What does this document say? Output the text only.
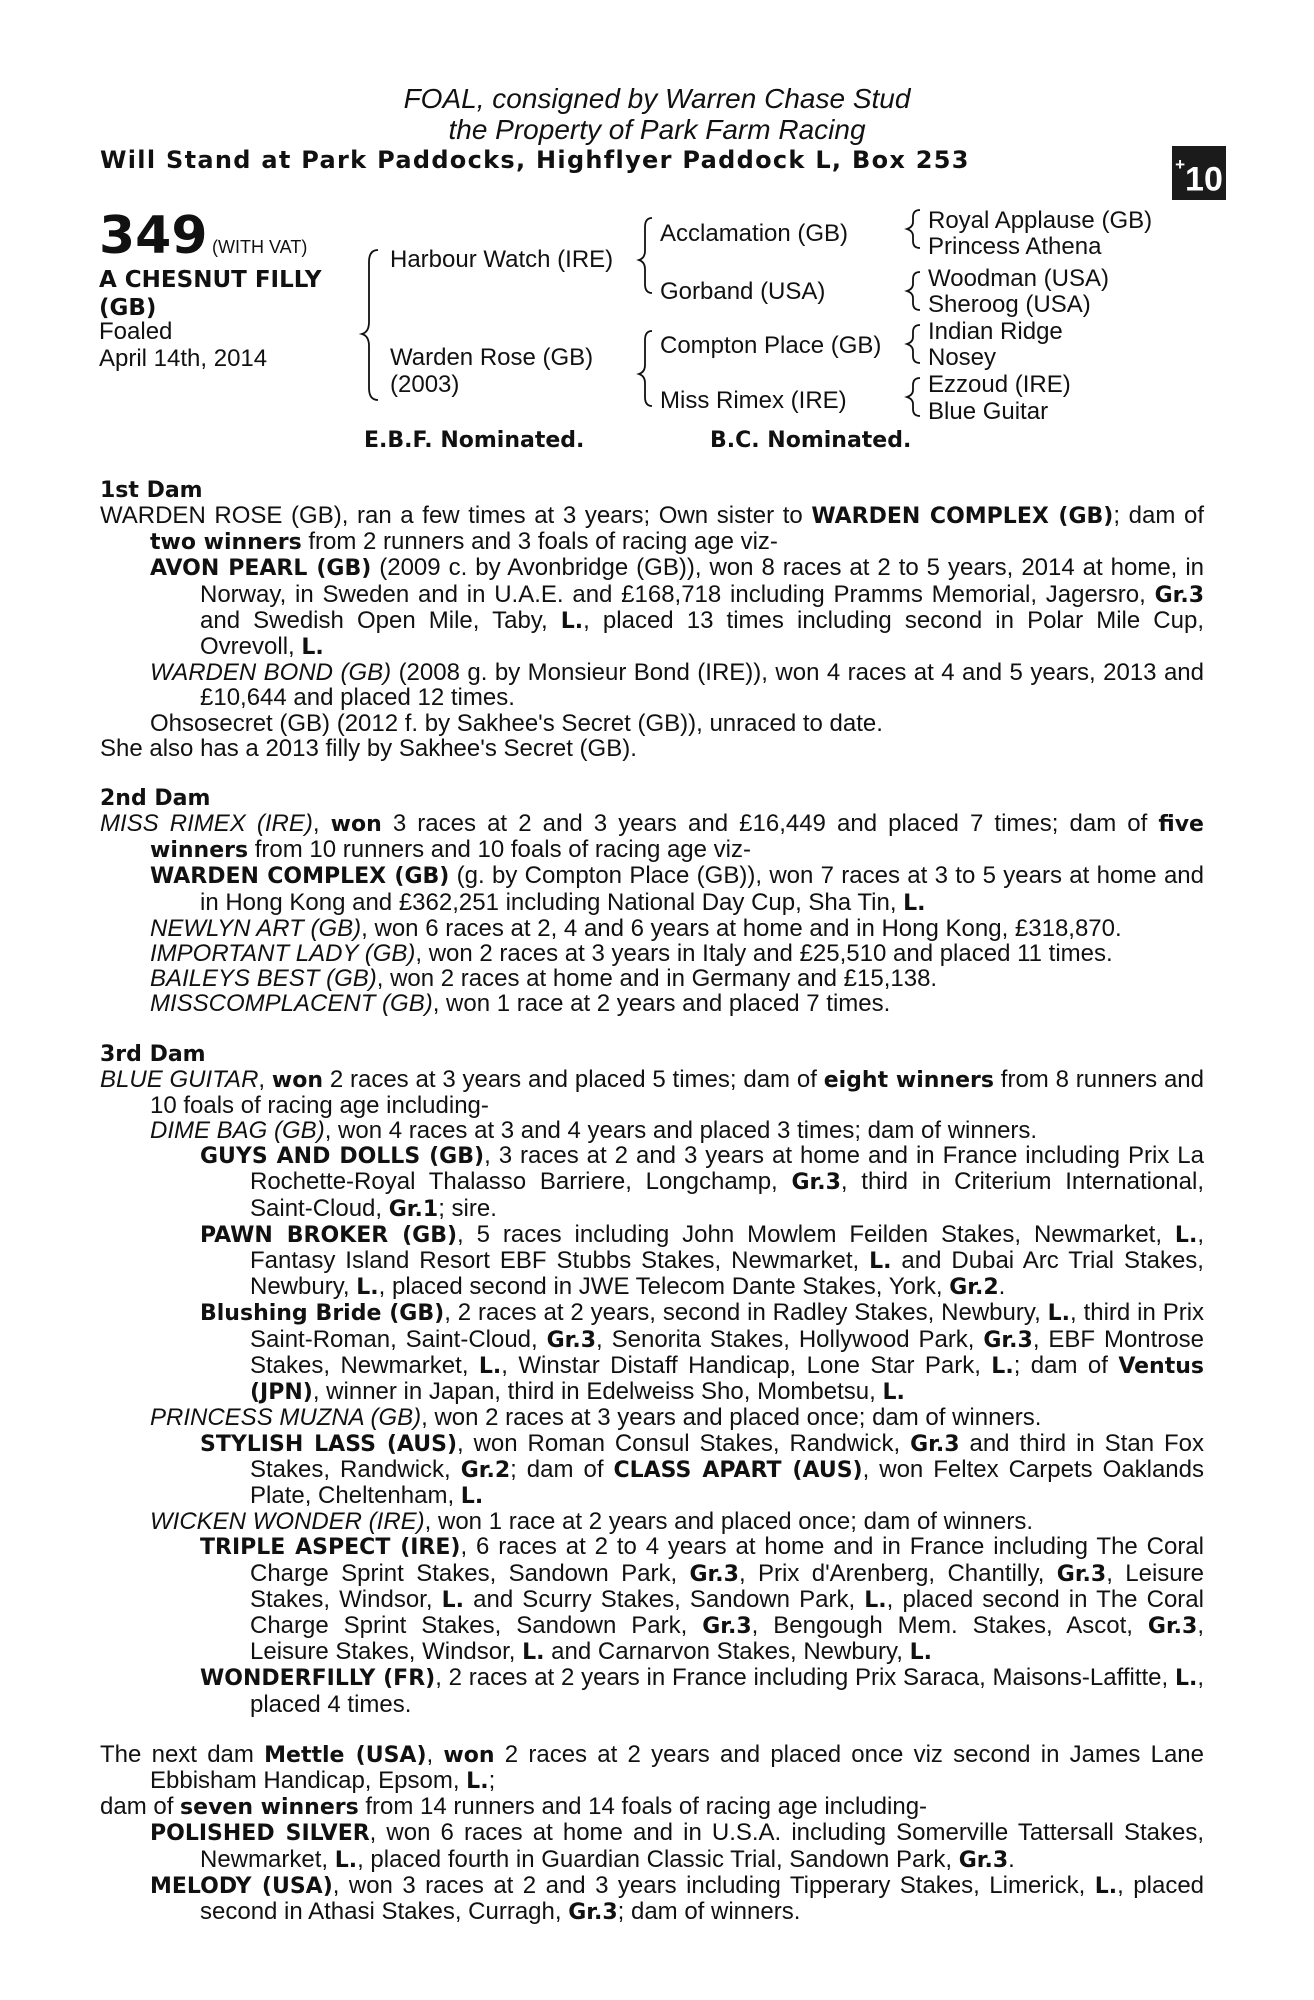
FOAL, consigned by Warren Chase Stud
the Property of Park Farm Racing
Will Stand at Park Paddocks, Highflyer Paddock L, Box 253	+10
349 (WITH VAT)
A CHESNUT FILLY
(GB)
Foaled
April 14th, 2014
Harbour Watch (IRE)
Warden Rose (GB)
(2003)
Acclamation (GB)
Gorband (USA)
Compton Place (GB)
Miss Rimex (IRE)
Royal Applause (GB)
Princess Athena
Woodman (USA)
Sheroog (USA)
Indian Ridge
Nosey
Ezzoud (IRE)
Blue Guitar
E.B.F. Nominated.	B.C. Nominated.

1st Dam

WARDEN ROSE (GB), ran a few times at 3 years; Own sister to WARDEN COMPLEX (GB); dam of two winners from 2 runners and 3 foals of racing age viz-

AVON PEARL (GB) (2009 c. by Avonbridge (GB)), won 8 races at 2 to 5 years, 2014 at home, in Norway, in Sweden and in U.A.E. and £168,718 including Pramms Memorial, Jagersro, Gr.3 and Swedish Open Mile, Taby, L., placed 13 times including second in Polar Mile Cup, Ovrevoll, L.

WARDEN BOND (GB) (2008 g. by Monsieur Bond (IRE)), won 4 races at 4 and 5 years, 2013 and £10,644 and placed 12 times.

Ohsosecret (GB) (2012 f. by Sakhee's Secret (GB)), unraced to date.

She also has a 2013 filly by Sakhee's Secret (GB).

2nd Dam

MISS RIMEX (IRE), won 3 races at 2 and 3 years and £16,449 and placed 7 times; dam of five winners from 10 runners and 10 foals of racing age viz-

WARDEN COMPLEX (GB) (g. by Compton Place (GB)), won 7 races at 3 to 5 years at home and in Hong Kong and £362,251 including National Day Cup, Sha Tin, L.

NEWLYN ART (GB), won 6 races at 2, 4 and 6 years at home and in Hong Kong, £318,870.

IMPORTANT LADY (GB), won 2 races at 3 years in Italy and £25,510 and placed 11 times.

BAILEYS BEST (GB), won 2 races at home and in Germany and £15,138.

MISSCOMPLACENT (GB), won 1 race at 2 years and placed 7 times.

3rd Dam

BLUE GUITAR, won 2 races at 3 years and placed 5 times; dam of eight winners from 8 runners and 10 foals of racing age including-

DIME BAG (GB), won 4 races at 3 and 4 years and placed 3 times; dam of winners.

GUYS AND DOLLS (GB), 3 races at 2 and 3 years at home and in France including Prix La Rochette-Royal Thalasso Barriere, Longchamp, Gr.3, third in Criterium International, Saint-Cloud, Gr.1; sire.

PAWN BROKER (GB), 5 races including John Mowlem Feilden Stakes, Newmarket, L., Fantasy Island Resort EBF Stubbs Stakes, Newmarket, L. and Dubai Arc Trial Stakes, Newbury, L., placed second in JWE Telecom Dante Stakes, York, Gr.2.

Blushing Bride (GB), 2 races at 2 years, second in Radley Stakes, Newbury, L., third in Prix Saint-Roman, Saint-Cloud, Gr.3, Senorita Stakes, Hollywood Park, Gr.3, EBF Montrose Stakes, Newmarket, L., Winstar Distaff Handicap, Lone Star Park, L.; dam of Ventus (JPN), winner in Japan, third in Edelweiss Sho, Mombetsu, L.

PRINCESS MUZNA (GB), won 2 races at 3 years and placed once; dam of winners.

STYLISH LASS (AUS), won Roman Consul Stakes, Randwick, Gr.3 and third in Stan Fox Stakes, Randwick, Gr.2; dam of CLASS APART (AUS), won Feltex Carpets Oaklands Plate, Cheltenham, L.

WICKEN WONDER (IRE), won 1 race at 2 years and placed once; dam of winners.

TRIPLE ASPECT (IRE), 6 races at 2 to 4 years at home and in France including The Coral Charge Sprint Stakes, Sandown Park, Gr.3, Prix d'Arenberg, Chantilly, Gr.3, Leisure Stakes, Windsor, L. and Scurry Stakes, Sandown Park, L., placed second in The Coral Charge Sprint Stakes, Sandown Park, Gr.3, Bengough Mem. Stakes, Ascot, Gr.3, Leisure Stakes, Windsor, L. and Carnarvon Stakes, Newbury, L.

WONDERFILLY (FR), 2 races at 2 years in France including Prix Saraca, Maisons-Laffitte, L., placed 4 times.

The next dam Mettle (USA), won 2 races at 2 years and placed once viz second in James Lane Ebbisham Handicap, Epsom, L.;

dam of seven winners from 14 runners and 14 foals of racing age including-

POLISHED SILVER, won 6 races at home and in U.S.A. including Somerville Tattersall Stakes, Newmarket, L., placed fourth in Guardian Classic Trial, Sandown Park, Gr.3.

MELODY (USA), won 3 races at 2 and 3 years including Tipperary Stakes, Limerick, L., placed second in Athasi Stakes, Curragh, Gr.3; dam of winners.
